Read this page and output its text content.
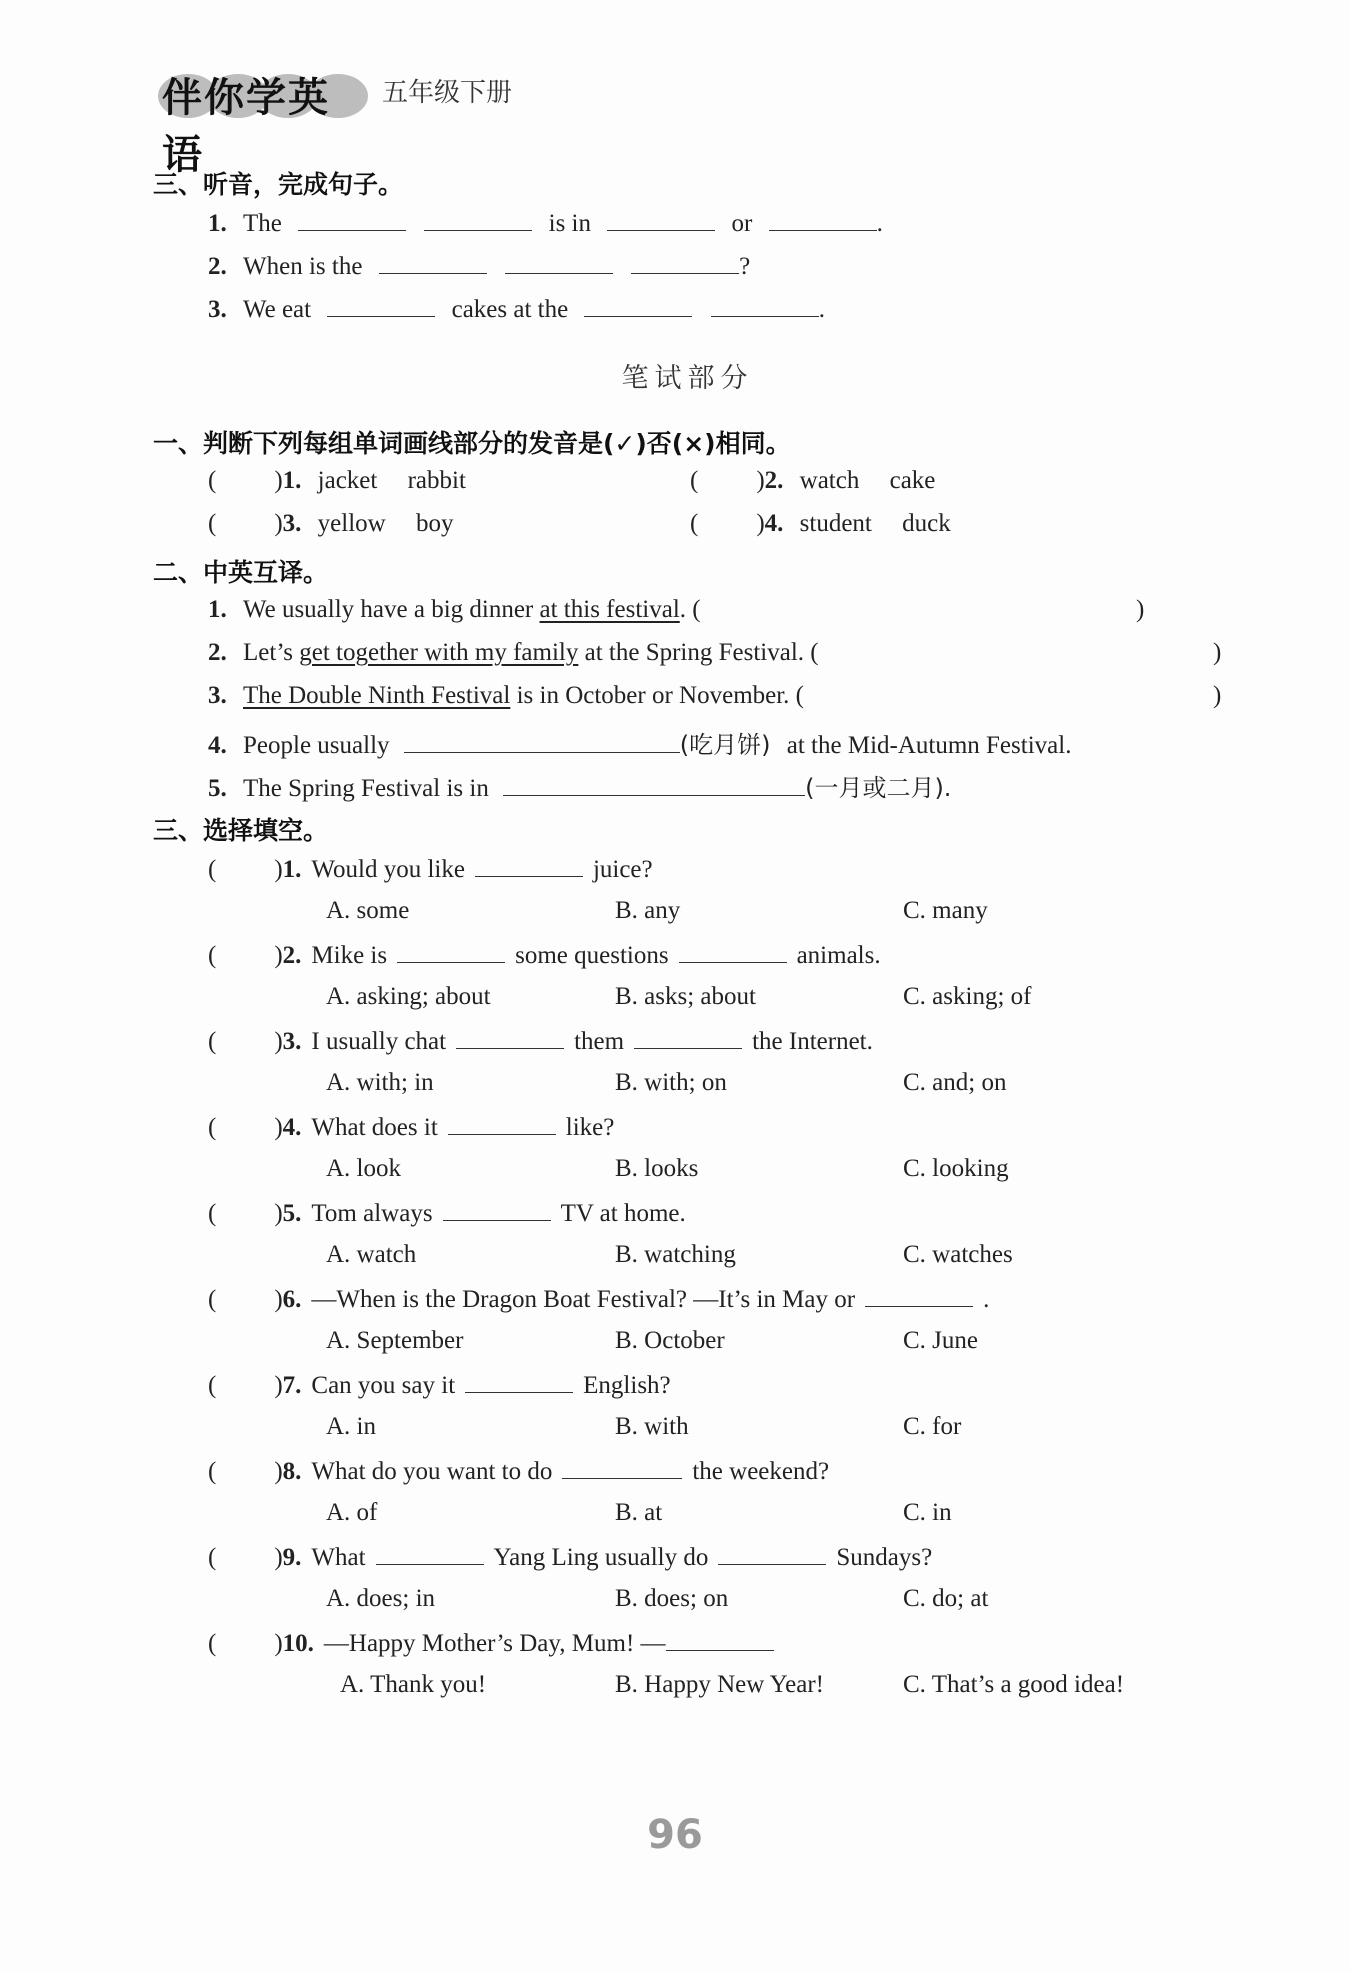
伴你学英语
五年级下册
三、听音，完成句子。
1. The	is in	or	.
2. When is the	?
3. We eat	cakes at the	.
笔试部分
一、判断下列每组单词画线部分的发音是(✓)否(×)相同。
( )1. jacket rabbit	( )2. watch cake
( )3. yellow boy	( )4. student duck
二、中英互译。
1. We usually have a big dinner at this festival. (	)
2. Let’s get together with my family at the Spring Festival. (	)
3. The Double Ninth Festival is in October or November. (	)
4. People usually	(吃月饼) at the Mid-Autumn Festival.
5. The Spring Festival is in	(一月或二月).
三、选择填空。
( )1. Would you like	juice?
A. some	B. any	C. many
( )2. Mike is	some questions	animals.
A. asking; about	B. asks; about	C. asking; of
( )3. I usually chat	them	the Internet.
A. with; in	B. with; on	C. and; on
( )4. What does it	like?
A. look	B. looks	C. looking
( )5. Tom always	TV at home.
A. watch	B. watching	C. watches
( )6. —When is the Dragon Boat Festival? —It’s in May or	.
A. September	B. October	C. June
( )7. Can you say it	English?
A. in	B. with	C. for
( )8. What do you want to do	the weekend?
A. of	B. at	C. in
( )9. What	Yang Ling usually do	Sundays?
A. does; in	B. does; on	C. do; at
( )10. —Happy Mother’s Day, Mum! —
A. Thank you!	B. Happy New Year!	C. That’s a good idea!
96
